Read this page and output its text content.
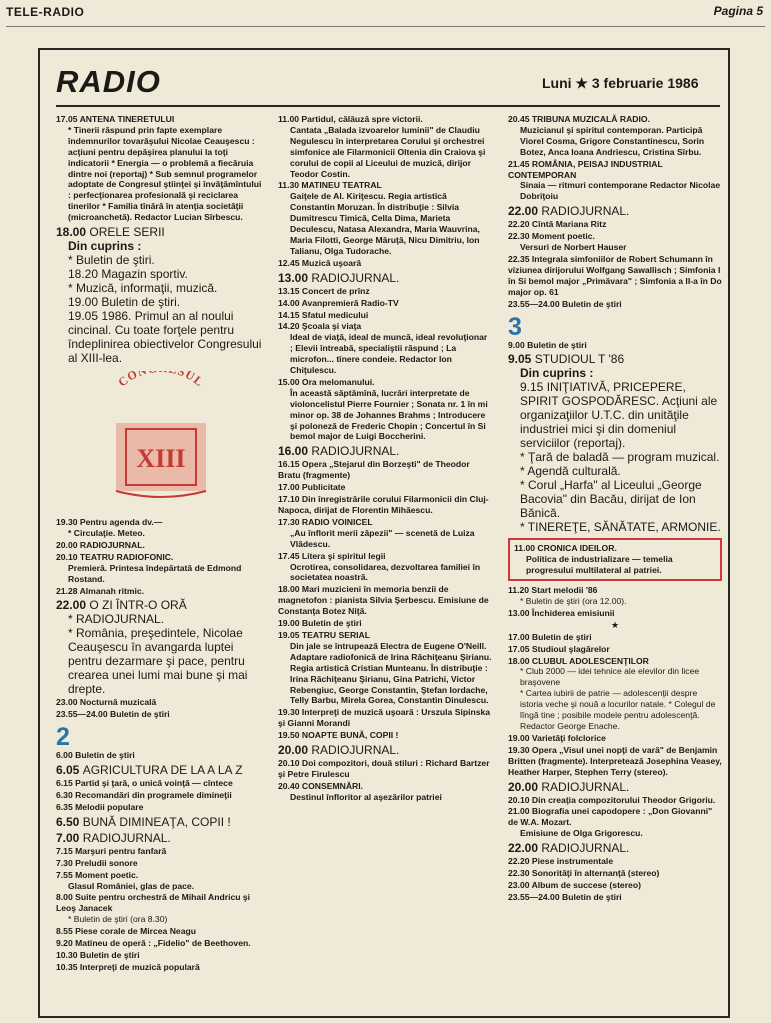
TELE-RADIO	Pagina 5
RADIO	Luni ★ 3 februarie 1986
17.05 ANTENA TINERETULUI
* Tinerii răspund prin fapte exemplare îndemnurilor tovarăşului Nicolae Ceauşescu : acţiuni pentru depăşirea planului la toţi indicatorii * Energia — o problemă a fiecăruia dintre noi (reportaj) * Sub semnul programelor adoptate de Congresul ştiinţei şi învăţămîntului : perfecţionarea profesională şi reciclarea tinerilor * Familia tînără în atenţia societăţii (microanchetă). Redactor Lucian Sîrbescu.
18.00 ORELE SERII
Din cuprins :
* Buletin de ştiri.
18.20 Magazin sportiv.
* Muzică, informaţii, muzică.
19.00 Buletin de ştiri.
19.05 1986. Primul an al noului cincinal. Cu toate forţele pentru îndeplinirea obiectivelor Congresului al XIII-lea.
CO SUL
XIII
19.30 Pentru agenda dv.—
* Circulaţie. Meteo.
20.00 RADIOJURNAL.
20.10 TEATRU RADIOFONIC.
Premieră. Printesa îndepărtată de Edmond Rostand.
21.28 Almanah ritmic.
22.00 O ZI ÎNTR-O ORĂ
* RADIOJURNAL.
* România, preşedintele, Nicolae Ceauşescu în avangarda luptei pentru dezarmare şi pace, pentru crearea unei lumi mai bune şi mai drepte.
23.00 Nocturnă muzicală
23.55—24.00 Buletin de ştiri
2
6.00 Buletin de ştiri
6.05 AGRICULTURA DE LA A LA Z
6.15 Partid şi ţară, o unică voinţă — cîntece
6.30 Recomandări din programele dimineţii
6.35 Melodii populare
6.50 BUNĂ DIMINEAŢA, COPII !
7.00 RADIOJURNAL.
7.15 Marşuri pentru fanfară
7.30 Preludii sonore
7.55 Moment poetic.
Glasul României, glas de pace.
8.00 Suite pentru orchestră de Mihail Andricu şi Leoş Janacek
* Buletin de ştiri (ora 8.30)
8.55 Piese corale de Mircea Neagu
9.20 Matineu de operă : „Fidelio" de Beethoven.
10.30 Buletin de ştiri
10.35 Interpreţi de muzică populară
11.00 Partidul, călăuză spre victorii.
Cantata „Balada izvoarelor luminii" de Claudiu Negulescu în interpretarea Corului şi orchestrei simfonice ale Filarmonicii Oltenia din Craiova şi corului de copii al Liceului de muzică, dirijor Teodor Costin.
11.30 MATINEU TEATRAL
Gaiţele de Al. Kiriţescu. Regia artistică Constantin Moruzan. În distribuţie : Silvia Dumitrescu Timică, Cella Dima, Marieta Deculescu, Natasa Alexandra, Maria Wauvrina, Maria Filotti, George Măruţă, Nicu Dimitriu, Ion Talianu, Olga Tudorache.
12.45 Muzică uşoară
13.00 RADIOJURNAL.
13.15 Concert de prînz
14.00 Avanpremieră Radio-TV
14.15 Sfatul medicului
14.20 Şcoala şi viaţa
Ideal de viaţă, ideal de muncă, ideal revoluţionar ; Elevii întreabă, specialiştii răspund ; La microfon... tînere condeie. Redactor Ion Chiţulescu.
15.00 Ora melomanului.
În această săptămînă, lucrări interpretate de violoncelistul Pierre Fournier ; Sonata nr. 1 în mi minor op. 38 de Johannes Brahms ; Introducere şi poloneză de Frederic Chopin ; Concertul în Si bemol major de Luigi Boccherini.
16.00 RADIOJURNAL.
16.15 Opera „Stejarul din Borzeşti" de Theodor Bratu (fragmente)
17.00 Publicitate
17.10 Din înregistrările corului Filarmonicii din Cluj-Napoca, dirijat de Florentin Mihăescu.
17.30 RADIO VOINICEL
„Au înflorit merii zăpezii" — scenetă de Luiza Vlădescu.
17.45 Litera şi spiritul legii
Ocrotirea, consolidarea, dezvoltarea familiei în societatea noastră.
18.00 Mari muzicieni în memoria benzii de magnetofon : pianista Silvia Şerbescu. Emisiune de Constanţa Botez Niţă.
19.00 Buletin de ştiri
19.05 TEATRU SERIAL
Din jale se întrupează Electra de Eugene O'Neill. Adaptare radiofonică de Irina Răchiţeanu Şirianu. Regia artistică Cristian Munteanu. În distribuţie : Irina Răchiţeanu Şirianu, Gina Patrichi, Victor Rebengiuc, George Constantin, Ştefan Iordache, Telly Barbu, Mirela Gorea, Constantin Dinulescu.
19.30 Interpreţi de muzică uşoară : Urszula Sipinska şi Gianni Morandi
19.50 NOAPTE BUNĂ, COPII !
20.00 RADIOJURNAL.
20.10 Doi compozitori, două stiluri : Richard Bartzer şi Petre Firulescu
20.40 CONSEMNĂRI.
Destinul înfloritor al aşezărilor patriei
20.45 TRIBUNA MUZICALĂ RADIO.
Muzicianul şi spiritul contemporan. Participă Viorel Cosma, Grigore Constantinescu, Sorin Botez, Anca Ioana Andriescu, Cristina Sîrbu.
21.45 ROMÂNIA, PEISAJ INDUSTRIAL CONTEMPORAN
Sinaia — ritmuri contemporane Redactor Nicolae Dobriţoiu
22.00 RADIOJURNAL.
22.20 Cîntă Mariana Ritz
22.30 Moment poetic.
Versuri de Norbert Hauser
22.35 Integrala simfoniilor de Robert Schumann în viziunea dirijorului Wolfgang Sawallisch ; Simfonia I în Si bemol major „Primăvara" ; Simfonia a II-a în Do major op. 61
23.55—24.00 Buletin de ştiri
3
9.00 Buletin de ştiri
9.05 STUDIOUL T '86
Din cuprins :
9.15 INIŢIATIVĂ, PRICEPERE, SPIRIT GOSPODĂRESC. Acţiuni ale organizaţiilor U.T.C. din unităţile industriei mici şi din domeniul serviciilor (reportaj).
* Ţară de baladă — program muzical.
* Agendă culturală.
* Corul „Harfa" al Liceului „George Bacovia" din Bacău, dirijat de Ion Bănică.
* TINEREŢE, SĂNĂTATE, ARMONIE.
11.00 CRONICA IDEILOR.
Politica de industrializare — temelia progresului multilateral al patriei.
11.20 Start melodii '86
* Buletin de ştiri (ora 12.00).
13.00 Închiderea emisiunii
★
17.00 Buletin de ştiri
17.05 Studioul şlagărelor
18.00 CLUBUL ADOLESCENŢILOR
* Club 2000 — idei tehnice ale elevilor din licee braşovene
* Cartea iubirii de patrie — adolescenţii despre istoria veche şi nouă a locurilor natale. * Colegul de lîngă tine ; posibile modele pentru adolescenţă.
Redactor George Enache.
19.00 Varietăţi folclorice
19.30 Opera „Visul unei nopţi de vară" de Benjamin Britten (fragmente). Interpretează Josephina Veasey, Heather Harper, Stephen Terry (stereo).
20.00 RADIOJURNAL.
20.10 Din creaţia compozitorului Theodor Grigoriu.
21.00 Biografia unei capodopere : „Don Giovanni" de W.A. Mozart.
Emisiune de Olga Grigorescu.
22.00 RADIOJURNAL.
22.20 Piese instrumentale
22.30 Sonorităţi în alternanţă (stereo)
23.00 Album de succese (stereo)
23.55—24.00 Buletin de ştiri
